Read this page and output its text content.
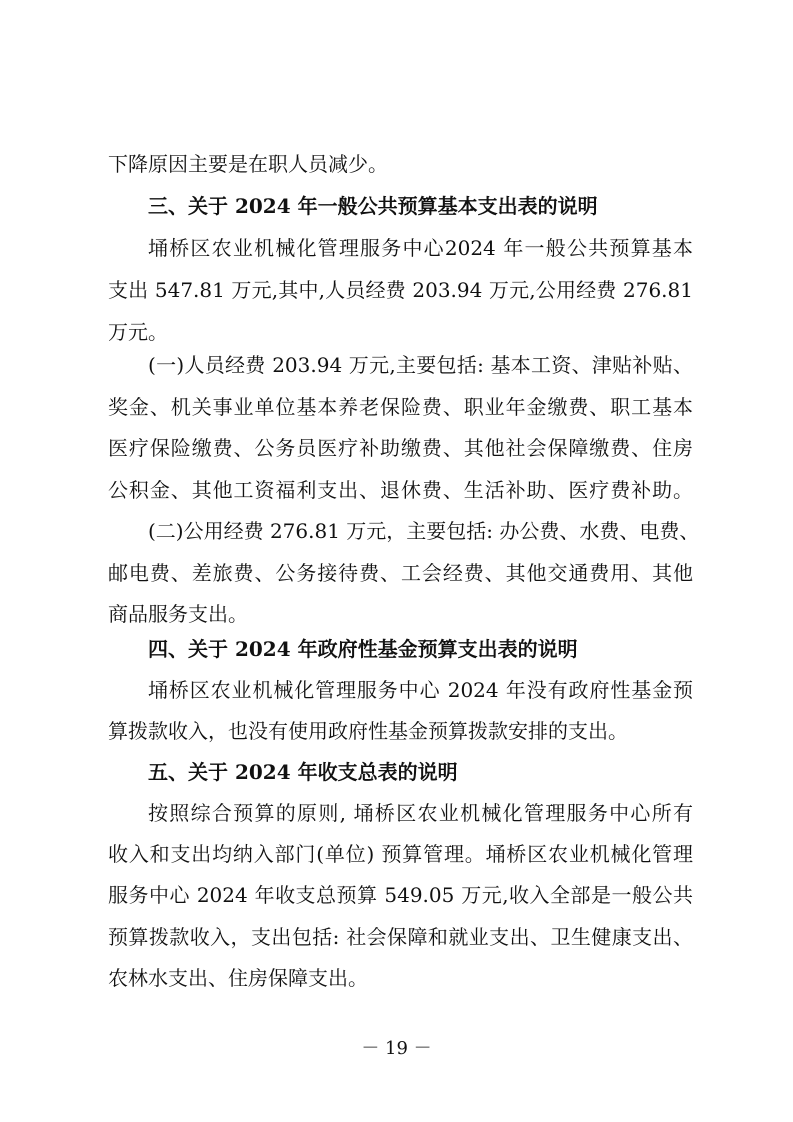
下降原因主要是在职人员减少。
三、关于 2024 年一般公共预算基本支出表的说明
埇桥区农业机械化管理服务中心2024 年一般公共预算基本
支出 547.81 万元,其中,人员经费 203.94 万元,公用经费 276.81
万元。
(一)人员经费 203.94 万元,主要包括: 基本工资、津贴补贴、
奖金、机关事业单位基本养老保险费、职业年金缴费、职工基本
医疗保险缴费、公务员医疗补助缴费、其他社会保障缴费、住房
公积金、其他工资福利支出、退休费、生活补助、医疗费补助。
(二)公用经费 276.81 万元，主要包括: 办公费、水费、电费、
邮电费、差旅费、公务接待费、工会经费、其他交通费用、其他
商品服务支出。
四、关于 2024 年政府性基金预算支出表的说明
埇桥区农业机械化管理服务中心 2024 年没有政府性基金预
算拨款收入，也没有使用政府性基金预算拨款安排的支出。
五、关于 2024 年收支总表的说明
按照综合预算的原则, 埇桥区农业机械化管理服务中心所有
收入和支出均纳入部门(单位) 预算管理。埇桥区农业机械化管理
服务中心 2024 年收支总预算 549.05 万元,收入全部是一般公共
预算拨款收入，支出包括: 社会保障和就业支出、卫生健康支出、
农林水支出、住房保障支出。
－ 19 －
